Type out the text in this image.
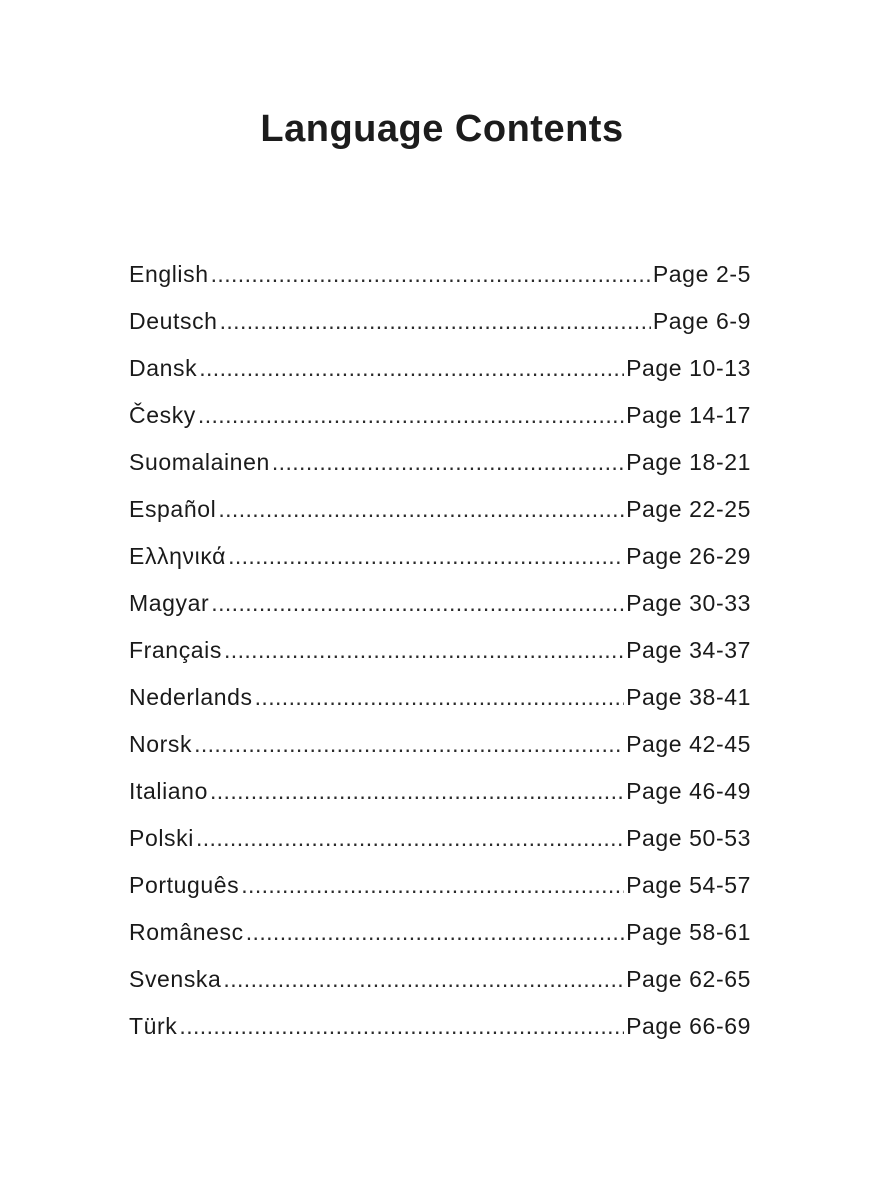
Language Contents
English .....	Page 2-5
Deutsch .....	Page 6-9
Dansk .....	Page 10-13
Česky .....	Page 14-17
Suomalainen .....	Page 18-21
Español .....	Page 22-25
Ελληνικά .....	Page 26-29
Magyar .....	Page 30-33
Français .....	Page 34-37
Nederlands .....	Page 38-41
Norsk .....	Page 42-45
Italiano .....	Page 46-49
Polski .....	Page 50-53
Português .....	Page 54-57
Românesc .....	Page 58-61
Svenska .....	Page 62-65
Türk .....	Page 66-69
